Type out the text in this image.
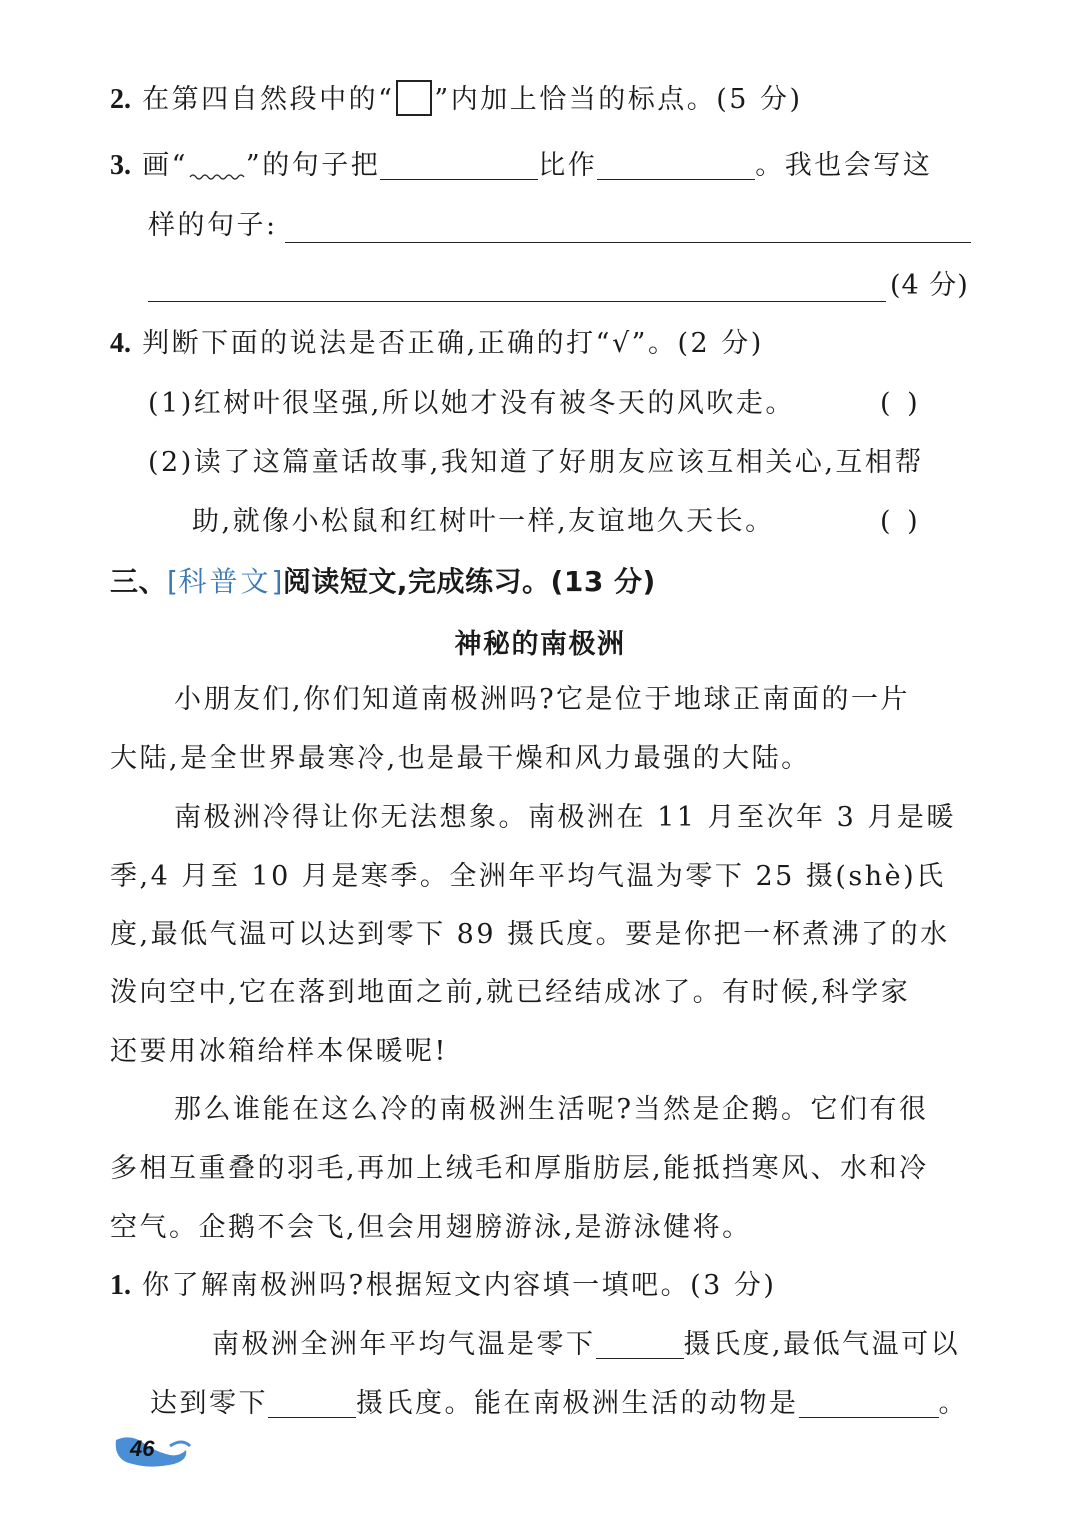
2. 在第四自然段中的“ ”内加上恰当的标点。(5 分)
3. 画“ ”的句子把	比作	。我也会写这
样的句子:
(4 分)
4. 判断下面的说法是否正确,正确的打“√”。(2 分)
(1)红树叶很坚强,所以她才没有被冬天的风吹走。	( )
(2)读了这篇童话故事,我知道了好朋友应该互相关心,互相帮
助,就像小松鼠和红树叶一样,友谊地久天长。	( )
三、[科普文]阅读短文,完成练习。(13 分)
神秘的南极洲
小朋友们,你们知道南极洲吗?它是位于地球正南面的一片
大陆,是全世界最寒冷,也是最干燥和风力最强的大陆。
南极洲冷得让你无法想象。南极洲在 11 月至次年 3 月是暖
季,4 月至 10 月是寒季。全洲年平均气温为零下 25 摄(shè)氏
度,最低气温可以达到零下 89 摄氏度。要是你把一杯煮沸了的水
泼向空中,它在落到地面之前,就已经结成冰了。有时候,科学家
还要用冰箱给样本保暖呢!
那么谁能在这么冷的南极洲生活呢?当然是企鹅。它们有很
多相互重叠的羽毛,再加上绒毛和厚脂肪层,能抵挡寒风、水和冷
空气。企鹅不会飞,但会用翅膀游泳,是游泳健将。
1. 你了解南极洲吗?根据短文内容填一填吧。(3 分)
南极洲全洲年平均气温是零下	摄氏度,最低气温可以
达到零下	摄氏度。能在南极洲生活的动物是	。
46
